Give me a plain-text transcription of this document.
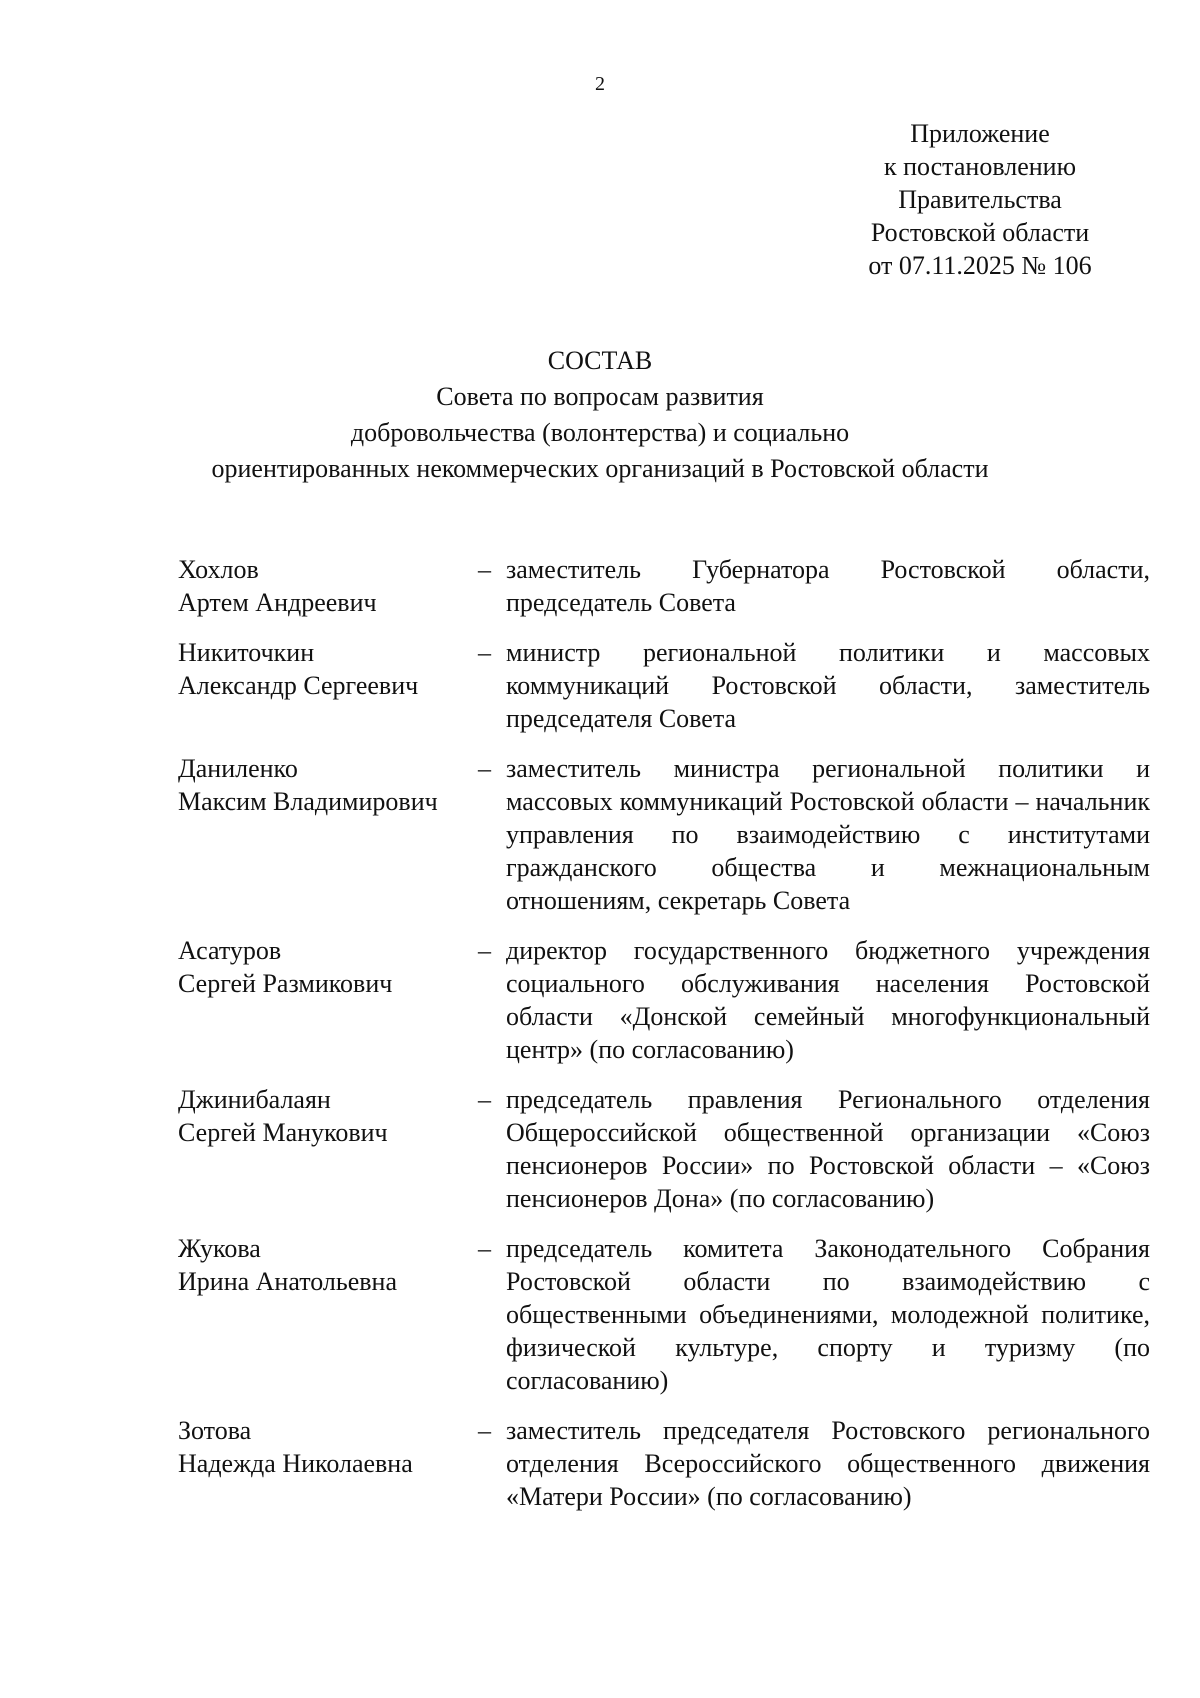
2
Приложение
к постановлению
Правительства
Ростовской области
от 07.11.2025 № 106
СОСТАВ
Совета по вопросам развития
добровольчества (волонтерства) и социально
ориентированных некоммерческих организаций в Ростовской области
Хохлов
Артем Андреевич
– заместитель Губернатора Ростовской области, председатель Совета
Никиточкин
Александр Сергеевич
– министр региональной политики и массовых коммуникаций Ростовской области, заместитель председателя Совета
Даниленко
Максим Владимирович
– заместитель министра региональной политики и массовых коммуникаций Ростовской области – начальник управления по взаимодействию с институтами гражданского общества и межнациональным отношениям, секретарь Совета
Асатуров
Сергей Размикович
– директор государственного бюджетного учреждения социального обслуживания населения Ростовской области «Донской семейный многофункциональный центр» (по согласованию)
Джинибалаян
Сергей Манукович
– председатель правления Регионального отделения Общероссийской общественной организации «Союз пенсионеров России» по Ростовской области – «Союз пенсионеров Дона» (по согласованию)
Жукова
Ирина Анатольевна
– председатель комитета Законодательного Собрания Ростовской области по взаимодействию с общественными объединениями, молодежной политике, физической культуре, спорту и туризму (по согласованию)
Зотова
Надежда Николаевна
– заместитель председателя Ростовского регионального отделения Всероссийского общественного движения «Матери России» (по согласованию)
